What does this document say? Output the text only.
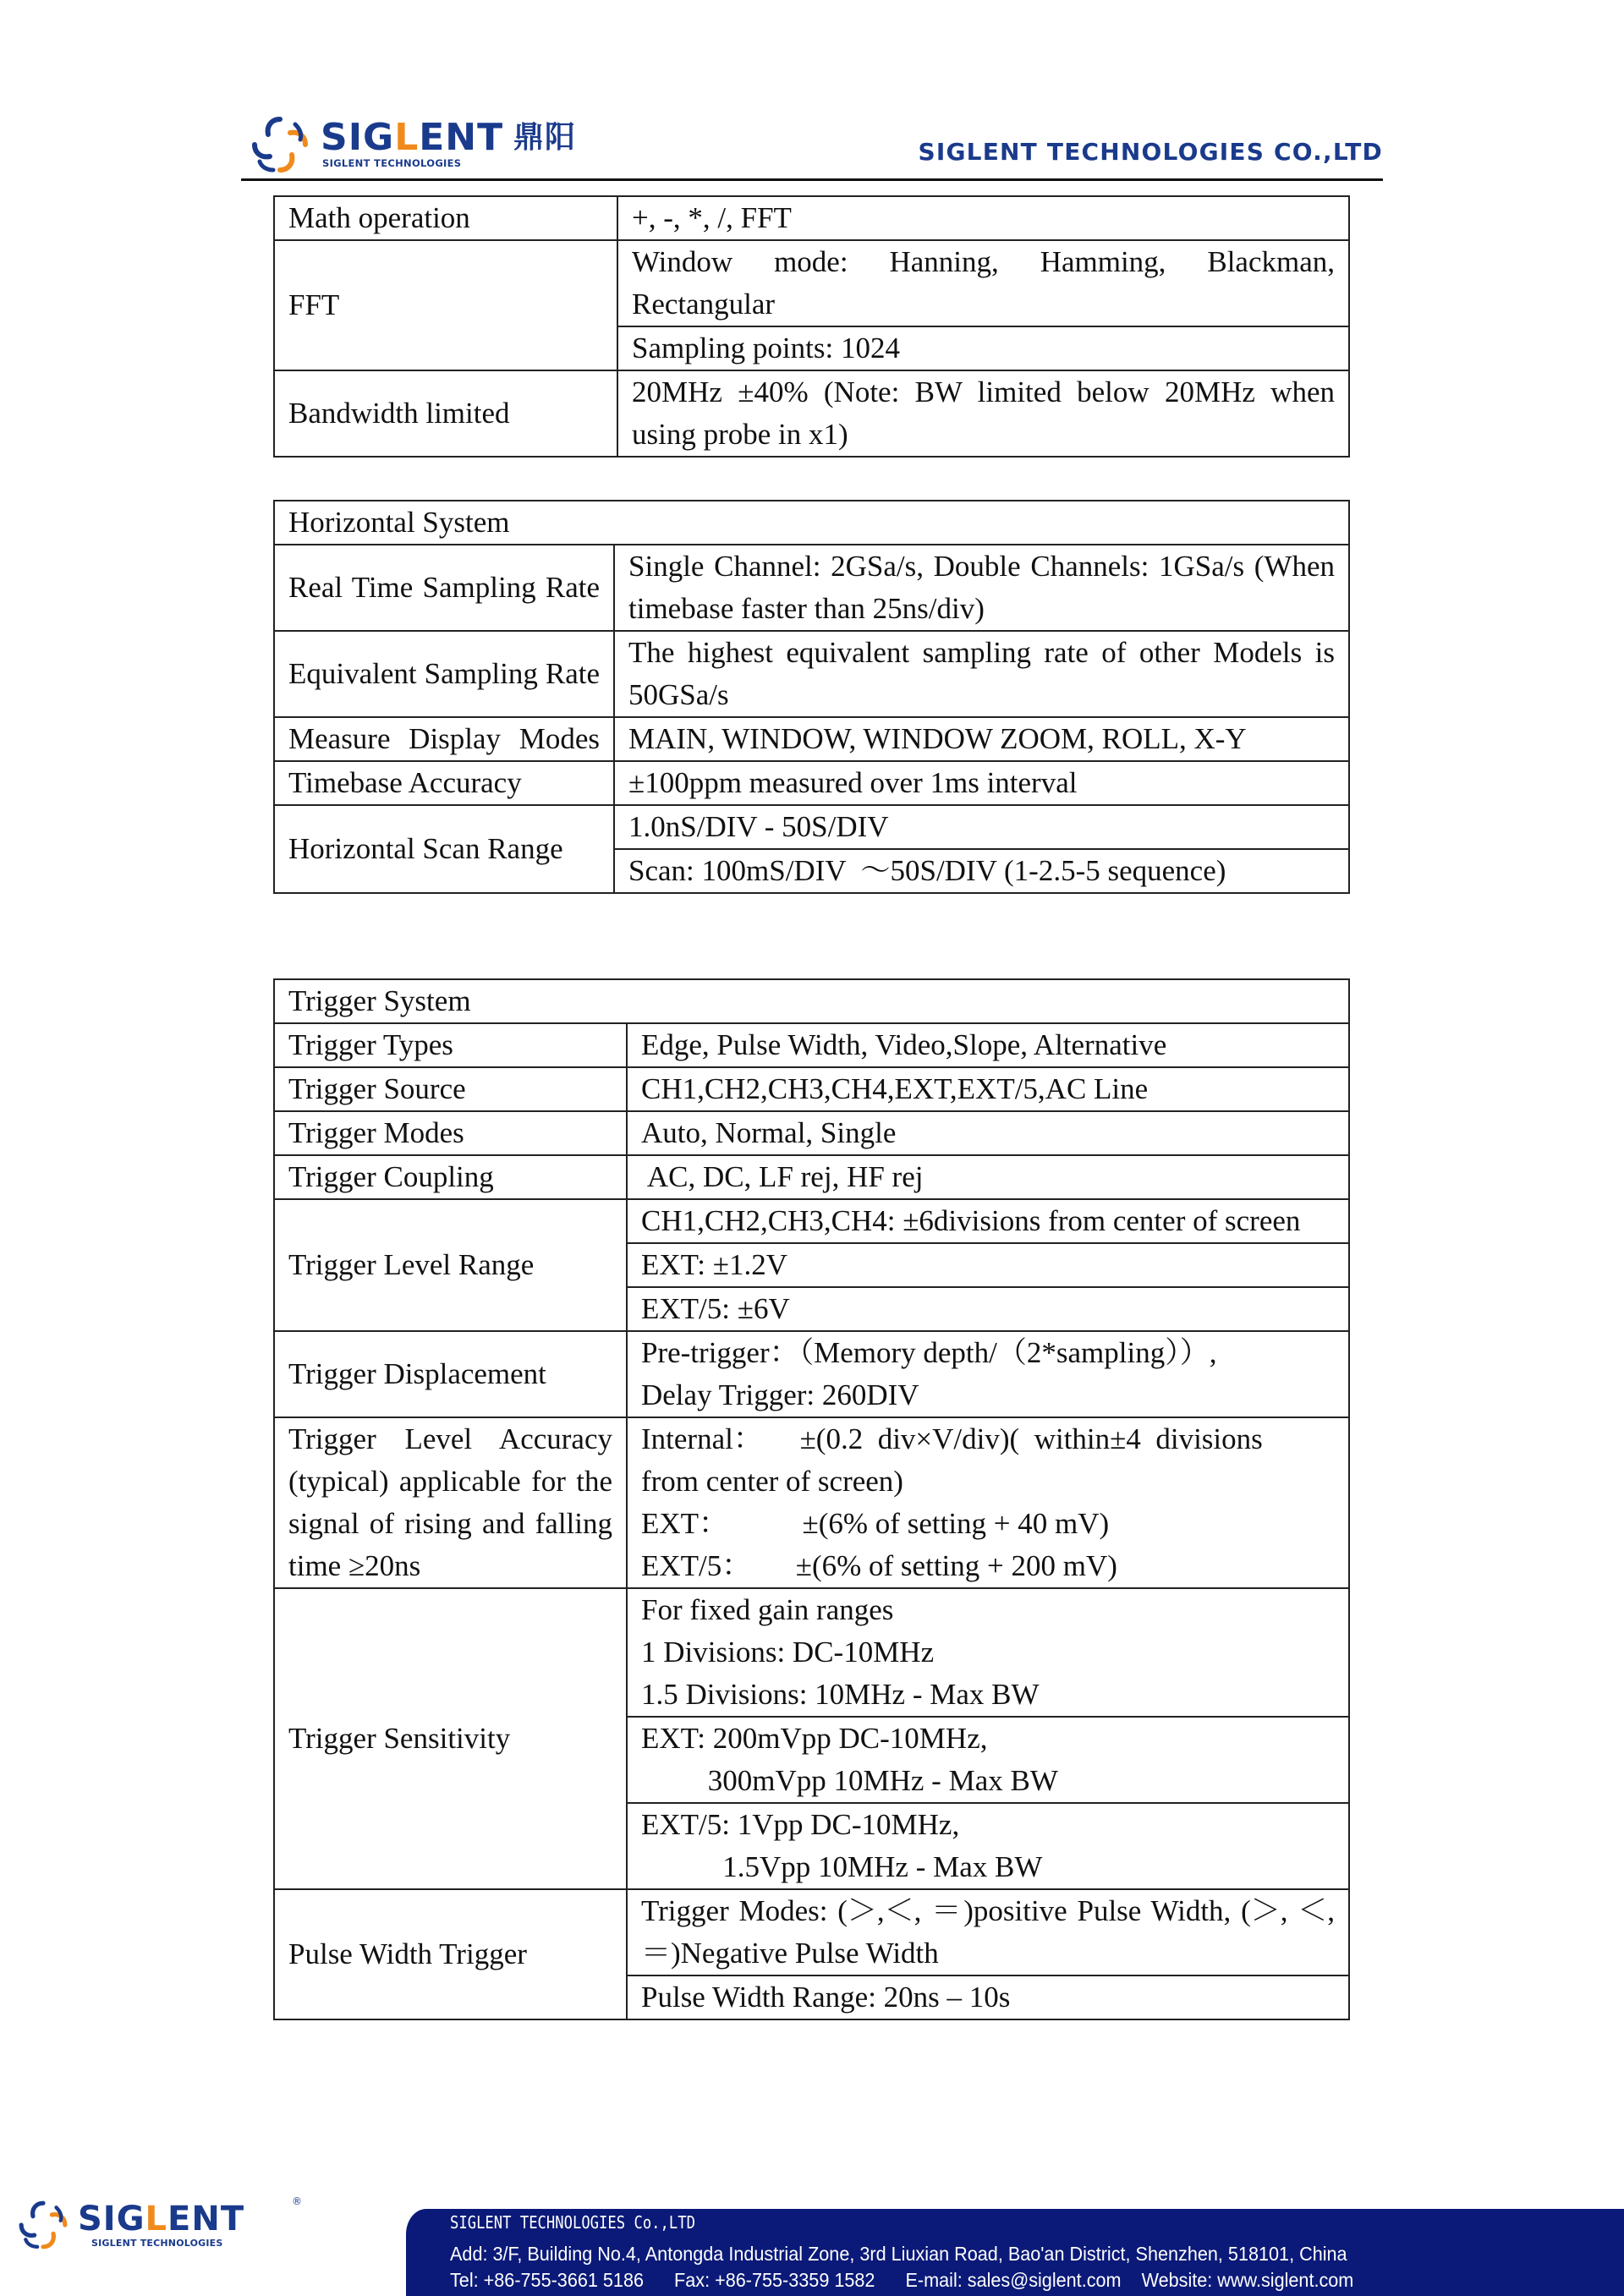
SIGLENT 鼎阳
SIGLENT TECHNOLOGIES	SIGLENT TECHNOLOGIES CO.,LTD
Math operation	+, -, *, /, FFT
FFT	Window mode: Hanning, Hamming, Blackman, Rectangular
	Sampling points: 1024
Bandwidth limited	20MHz ±40% (Note: BW limited below 20MHz when using probe in x1)
Horizontal System	
Real Time Sampling Rate	Single Channel: 2GSa/s, Double Channels: 1GSa/s (When timebase faster than 25ns/div)
Equivalent Sampling Rate	The highest equivalent sampling rate of other Models is 50GSa/s
Measure Display Modes	MAIN, WINDOW, WINDOW ZOOM, ROLL, X-Y
Timebase Accuracy	±100ppm measured over 1ms interval
Horizontal Scan Range	1.0nS/DIV - 50S/DIV
	Scan: 100mS/DIV  ～50S/DIV (1-2.5-5 sequence)
Trigger System	
Trigger Types	Edge, Pulse Width, Video,Slope, Alternative
Trigger Source	CH1,CH2,CH3,CH4,EXT,EXT/5,AC Line
Trigger Modes	Auto, Normal, Single
Trigger Coupling	AC, DC, LF rej, HF rej
Trigger Level Range	CH1,CH2,CH3,CH4: ±6divisions from center of screen
	EXT: ±1.2V
	EXT/5: ±6V
Trigger Displacement	Pre-trigger：（Memory depth/（2*sampling））,
Delay Trigger: 260DIV

Trigger Level Accuracy (typical) applicable for the signal of rising and falling time ≥20ns	Internal：     ±(0.2  div×V/div)(  within±4  divisions
from center of screen)
EXT：          ±(6% of setting + 40 mV)
EXT/5：      ±(6% of setting + 200 mV)

Trigger Sensitivity	For fixed gain ranges
1 Divisions: DC-10MHz
1.5 Divisions: 10MHz - Max BW

	EXT: 200mVpp DC-10MHz,
300mVpp 10MHz - Max BW

	EXT/5: 1Vpp DC-10MHz,
1.5Vpp 10MHz - Max BW

Pulse Width Trigger	Trigger Modes: (＞,＜, ＝)positive Pulse Width, (＞, ＜, ＝)Negative Pulse Width
	Pulse Width Range: 20ns – 10s
SIGLENT	®
SIGLENT TECHNOLOGIES
SIGLENT TECHNOLOGIES Co.,LTD
Add: 3/F, Building No.4, Antongda Industrial Zone, 3rd Liuxian Road, Bao'an District, Shenzhen, 518101, China
Tel: +86-755-3661 5186 Fax: +86-755-3359 1582 E-mail: sales@siglent.com Website: www.siglent.com
